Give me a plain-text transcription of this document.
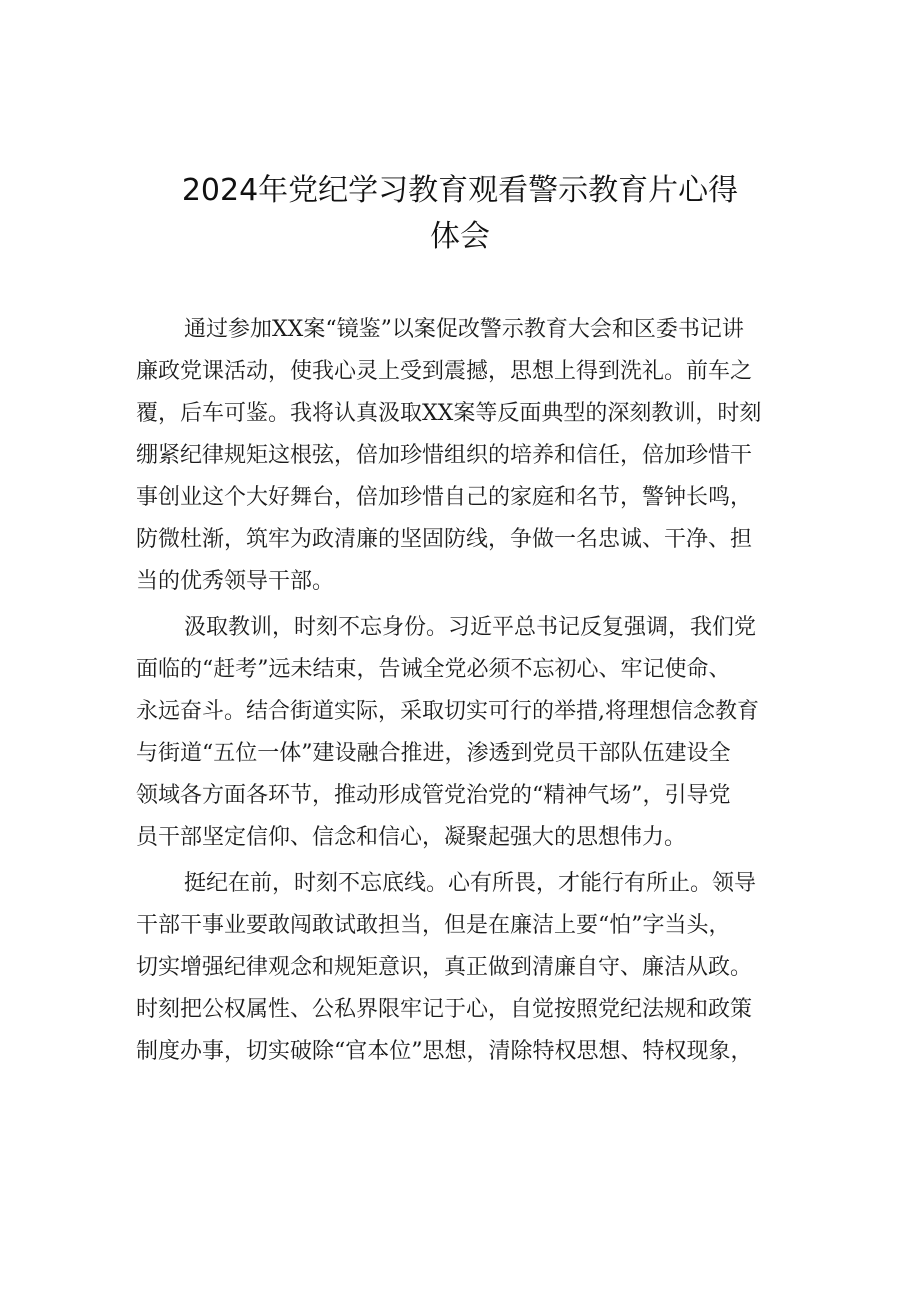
2024年党纪学习教育观看警示教育片心得
体会
通过参加XX案“镜鉴”以案促改警示教育大会和区委书记讲
廉政党课活动，使我心灵上受到震撼，思想上得到洗礼。前车之
覆，后车可鉴。我将认真汲取XX案等反面典型的深刻教训，时刻
绷紧纪律规矩这根弦，倍加珍惜组织的培养和信任，倍加珍惜干
事创业这个大好舞台，倍加珍惜自己的家庭和名节，警钟长鸣，
防微杜渐，筑牢为政清廉的坚固防线，争做一名忠诚、干净、担
当的优秀领导干部。
汲取教训，时刻不忘身份。习近平总书记反复强调，我们党
面临的“赶考”远未结束，告诫全党必须不忘初心、牢记使命、
永远奋斗。结合街道实际，采取切实可行的举措,将理想信念教育
与街道“五位一体”建设融合推进，渗透到党员干部队伍建设全
领域各方面各环节，推动形成管党治党的“精神气场”，引导党
员干部坚定信仰、信念和信心，凝聚起强大的思想伟力。
挺纪在前，时刻不忘底线。心有所畏，才能行有所止。领导
干部干事业要敢闯敢试敢担当，但是在廉洁上要“怕”字当头，
切实增强纪律观念和规矩意识，真正做到清廉自守、廉洁从政。
时刻把公权属性、公私界限牢记于心，自觉按照党纪法规和政策
制度办事，切实破除“官本位”思想，清除特权思想、特权现象，
